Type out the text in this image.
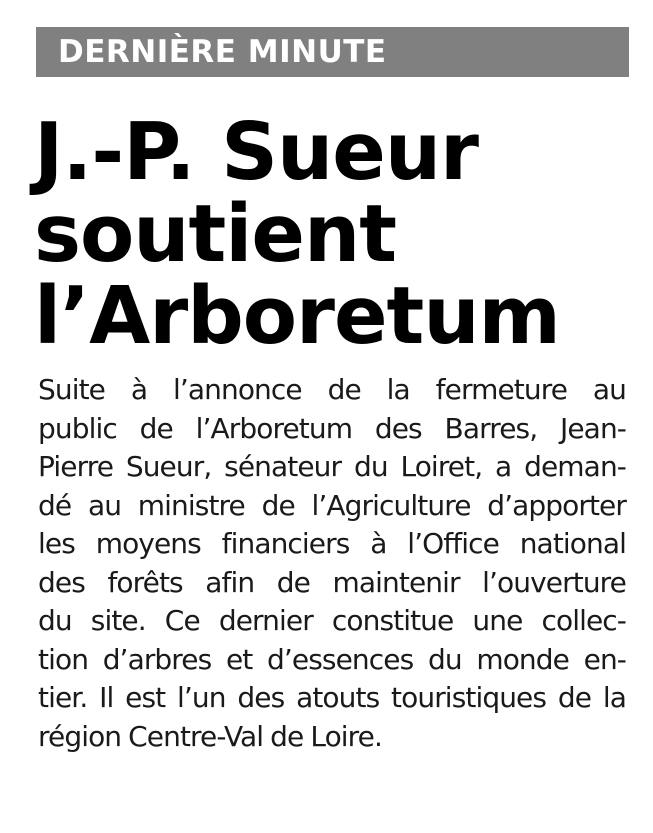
DERNIÈRE MINUTE
J.-P. Sueur
soutient
l’Arboretum
Suite à l’annonce de la fermeture au
public de l’Arboretum des Barres, Jean-
Pierre Sueur, sénateur du Loiret, a deman-
dé au ministre de l’Agriculture d’apporter
les moyens financiers à l’Office national
des forêts afin de maintenir l’ouverture
du site. Ce dernier constitue une collec-
tion d’arbres et d’essences du monde en-
tier. Il est l’un des atouts touristiques de la
région Centre-Val de Loire.
